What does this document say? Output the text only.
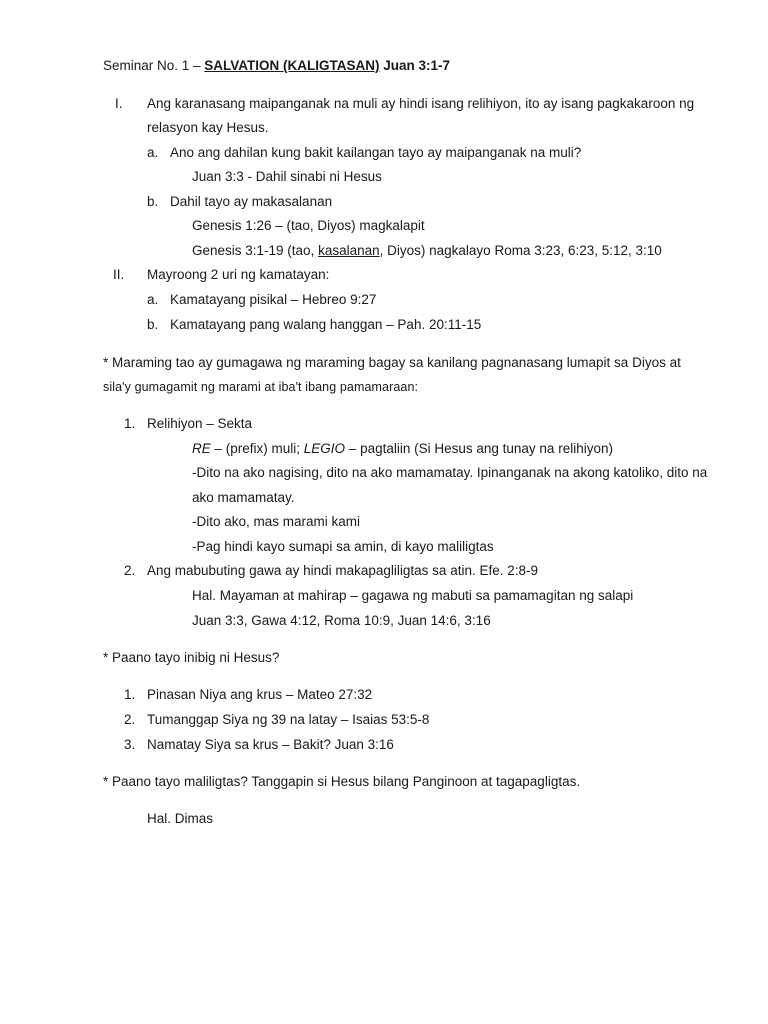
Seminar No. 1 – SALVATION (KALIGTASAN) Juan 3:1-7
I. Ang karanasang maipanganak na muli ay hindi isang relihiyon, ito ay isang pagkakaroon ng
relasyon kay Hesus.
a. Ano ang dahilan kung bakit kailangan tayo ay maipanganak na muli?
Juan 3:3 - Dahil sinabi ni Hesus
b. Dahil tayo ay makasalanan
Genesis 1:26 – (tao, Diyos) magkalapit
Genesis 3:1-19 (tao, kasalanan, Diyos) nagkalayo Roma 3:23, 6:23, 5:12, 3:10
II. Mayroong 2 uri ng kamatayan:
a. Kamatayang pisikal – Hebreo 9:27
b. Kamatayang pang walang hanggan – Pah. 20:11-15
* Maraming tao ay gumagawa ng maraming bagay sa kanilang pagnanasang lumapit sa Diyos at
sila'y gumagamit ng marami at iba't ibang pamamaraan:
1. Relihiyon – Sekta
RE – (prefix) muli; LEGIO – pagtaliin (Si Hesus ang tunay na relihiyon)
-Dito na ako nagising, dito na ako mamamatay. Ipinanganak na akong katoliko, dito na
ako mamamatay.
-Dito ako, mas marami kami
-Pag hindi kayo sumapi sa amin, di kayo maliligtas
2. Ang mabubuting gawa ay hindi makapagliligtas sa atin. Efe. 2:8-9
Hal. Mayaman at mahirap – gagawa ng mabuti sa pamamagitan ng salapi
Juan 3:3, Gawa 4:12, Roma 10:9, Juan 14:6, 3:16
* Paano tayo inibig ni Hesus?
1. Pinasan Niya ang krus – Mateo 27:32
2. Tumanggap Siya ng 39 na latay – Isaias 53:5-8
3. Namatay Siya sa krus – Bakit? Juan 3:16
* Paano tayo maliligtas? Tanggapin si Hesus bilang Panginoon at tagapagligtas.
Hal. Dimas
